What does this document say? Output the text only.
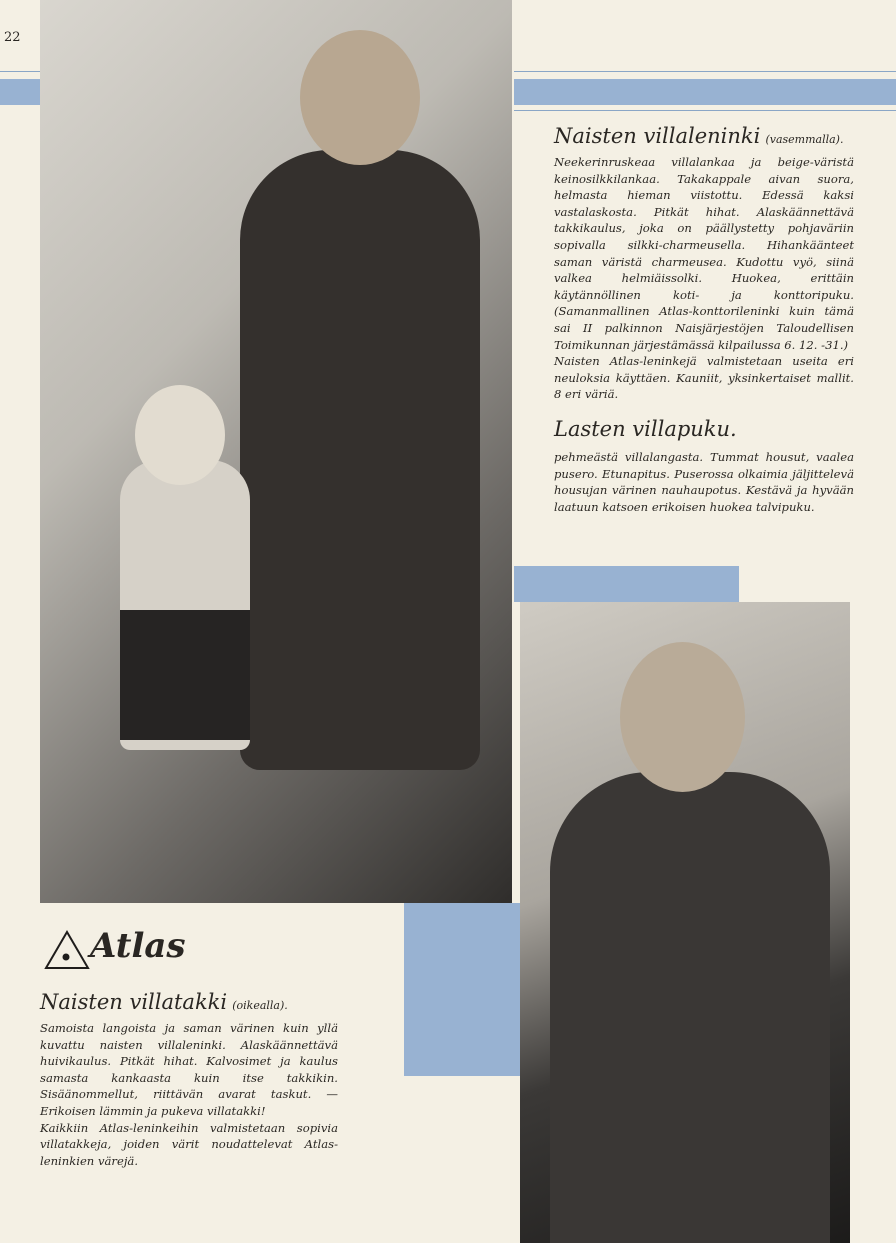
22
Naisten villaleninki (vasemmalla).

Neekerinruskeaa villalankaa ja beige-väristä keinosilkkilankaa. Takakappale aivan suora, helmasta hieman viistottu. Edessä kaksi vastalaskosta. Pitkät hihat. Alaskäännettävä takkikaulus, joka on päällystetty pohjaväriin sopivalla silkki-charmeusella. Hihankäänteet saman väristä charmeusea. Kudottu vyö, siinä valkea helmiäissolki. Huokea, erittäin käytännöllinen koti- ja konttoripuku. (Samanmallinen Atlas-konttorileninki kuin tämä sai II palkinnon Naisjärjestöjen Taloudellisen Toimikunnan järjestämässä kilpailussa 6. 12. -31.)

Naisten Atlas-leninkejä valmistetaan useita eri neuloksia käyttäen. Kauniit, yksinkertaiset mallit. 8 eri väriä.

Lasten villapuku.

pehmeästä villalangasta. Tummat housut, vaalea pusero. Etunapitus. Puserossa olkaimia jäljittelevä housujan värinen nauhaupotus. Kestävä ja hyvään laatuun katsoen erikoisen huokea talvipuku.

Atlas
Naisten villatakki (oikealla).

Samoista langoista ja saman värinen kuin yllä kuvattu naisten villaleninki. Alaskäännettävä huivikaulus. Pitkät hihat. Kalvosimet ja kaulus samasta kankaasta kuin itse takkikin. Sisäänommellut, riittävän avarat taskut. — Erikoisen lämmin ja pukeva villatakki!

Kaikkiin Atlas-leninkeihin valmistetaan sopivia villatakkeja, joiden värit noudattelevat Atlas-leninkien värejä.
